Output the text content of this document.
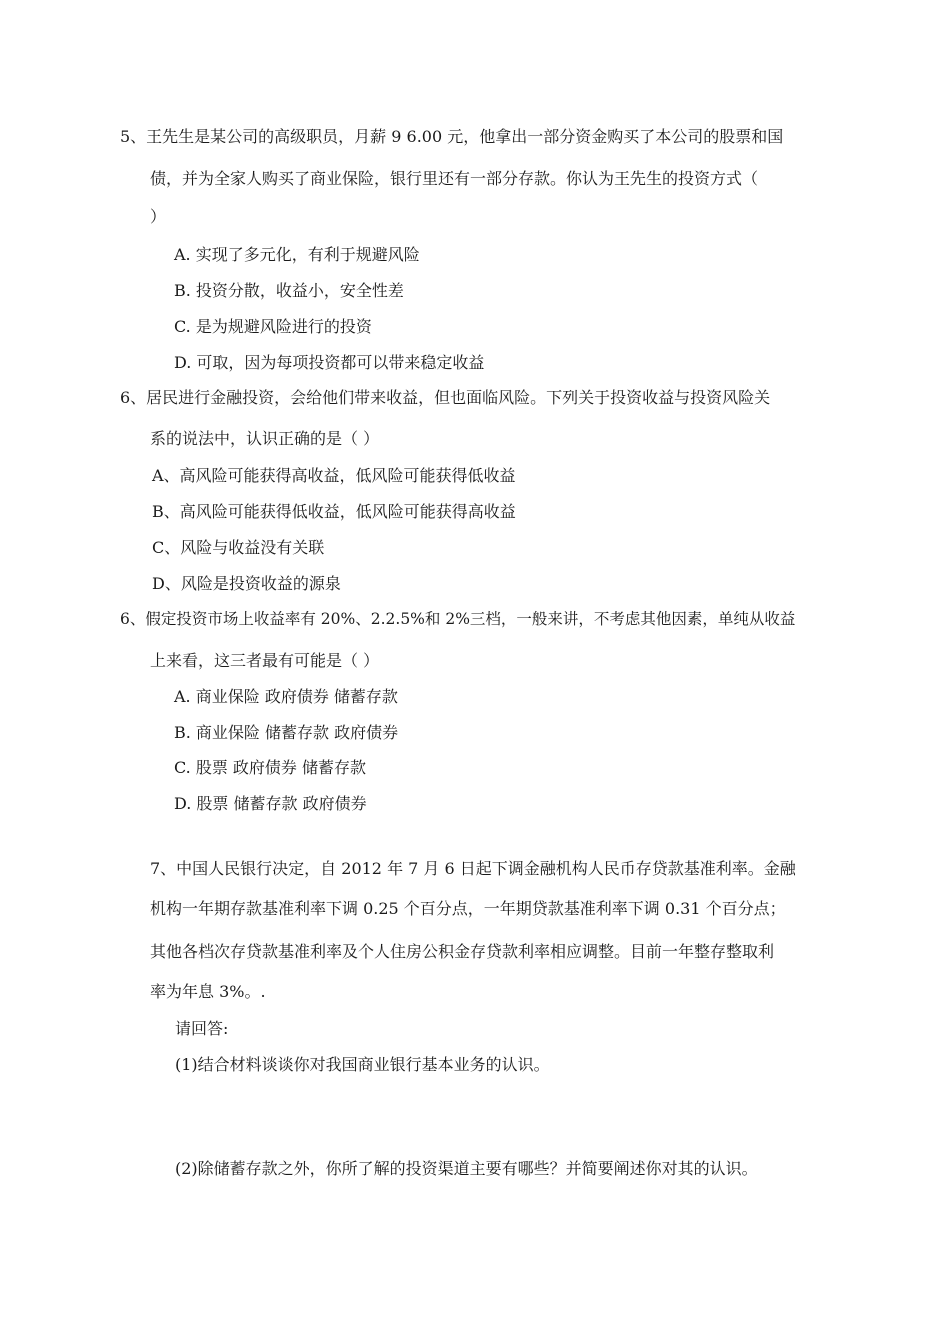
5、王先生是某公司的高级职员，月薪 9 6.00 元，他拿出一部分资金购买了本公司的股票和国
债，并为全家人购买了商业保险，银行里还有一部分存款。你认为王先生的投资方式（
）
A. 实现了多元化，有利于规避风险
B. 投资分散，收益小，安全性差
C. 是为规避风险进行的投资
D. 可取，因为每项投资都可以带来稳定收益
6、居民进行金融投资，会给他们带来收益，但也面临风险。下列关于投资收益与投资风险关
系的说法中，认识正确的是（ ）
A、高风险可能获得高收益，低风险可能获得低收益
B、高风险可能获得低收益，低风险可能获得高收益
C、风险与收益没有关联
D、风险是投资收益的源泉
6、假定投资市场上收益率有 20%、2.2.5%和 2%三档，一般来讲，不考虑其他因素，单纯从收益
上来看，这三者最有可能是（ ）
A. 商业保险 政府债券 储蓄存款
B. 商业保险 储蓄存款 政府债券
C. 股票 政府债券 储蓄存款
D. 股票 储蓄存款 政府债券
7、中国人民银行决定，自 2012 年 7 月 6 日起下调金融机构人民币存贷款基准利率。金融
机构一年期存款基准利率下调 0.25 个百分点，一年期贷款基准利率下调 0.31 个百分点；
其他各档次存贷款基准利率及个人住房公积金存贷款利率相应调整。目前一年整存整取利
率为年息 3%。.
请回答:
(1)结合材料谈谈你对我国商业银行基本业务的认识。
(2)除储蓄存款之外，你所了解的投资渠道主要有哪些？并简要阐述你对其的认识。
